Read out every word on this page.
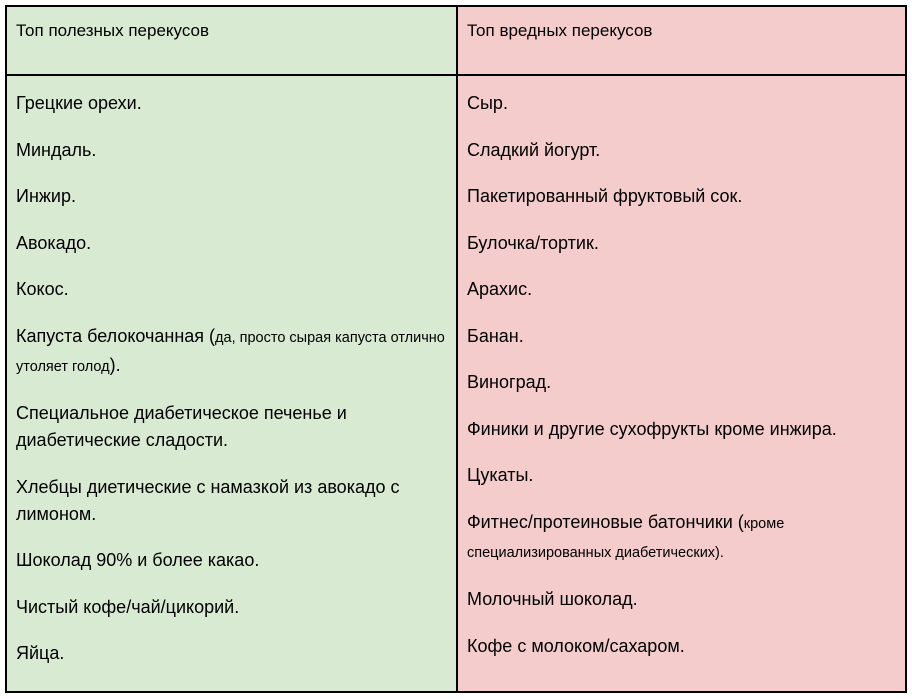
Топ полезных перекусов	Топ вредных перекусов
Грецкие орехи.
Миндаль.
Инжир.
Авокадо.
Кокос.
Капуста белокочанная (да, просто сырая капуста отлично утоляет голод).
Специальное диабетическое печенье и диабетические сладости.
Хлебцы диетические с намазкой из авокадо с лимоном.
Шоколад 90% и более какао.
Чистый кофе/чай/цикорий.
Яйца.
Сыр.
Сладкий йогурт.
Пакетированный фруктовый сок.
Булочка/тортик.
Арахис.
Банан.
Виноград.
Финики и другие сухофрукты кроме инжира.
Цукаты.
Фитнес/протеиновые батончики (кроме специализированных диабетических).
Молочный шоколад.
Кофе с молоком/сахаром.
